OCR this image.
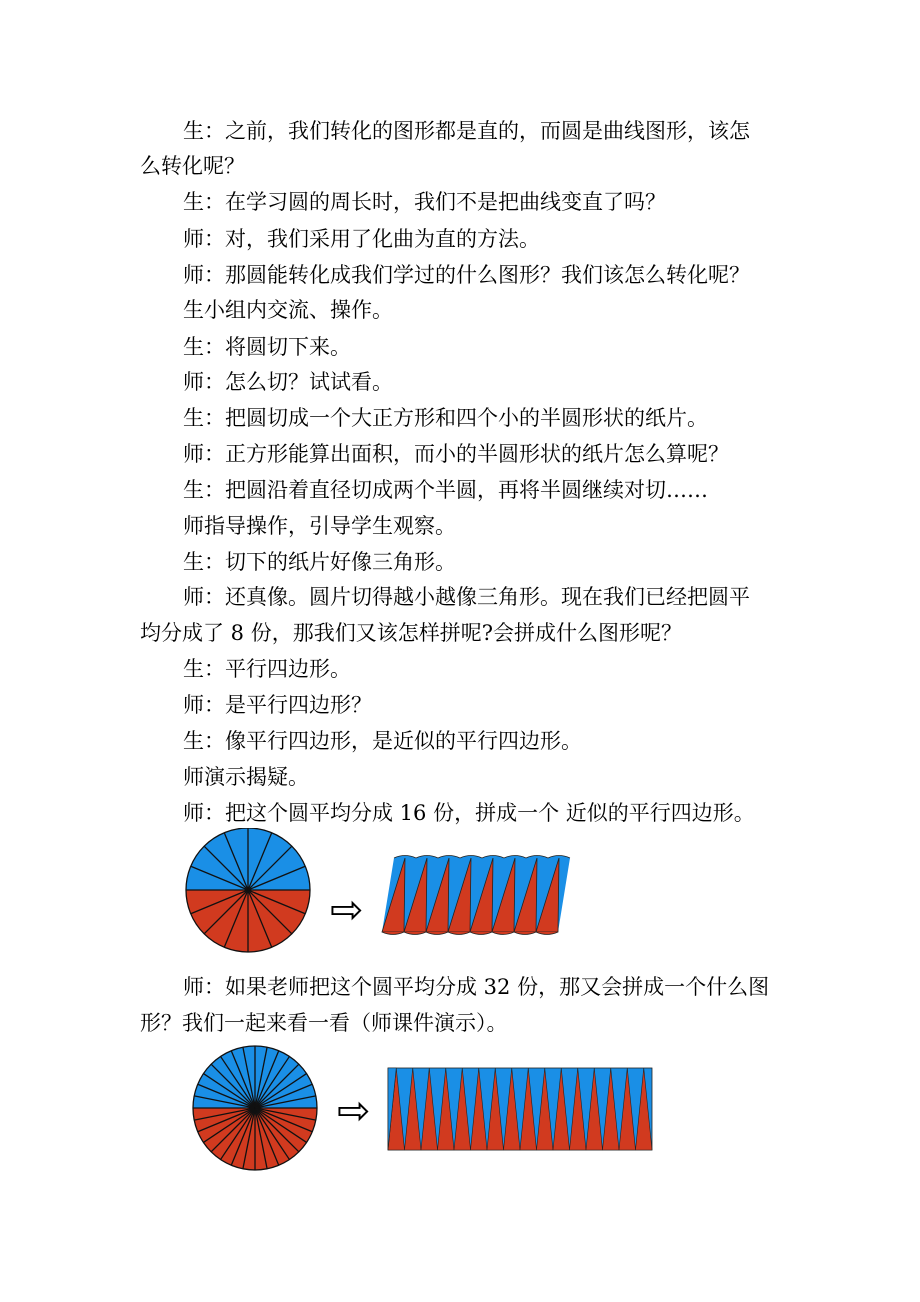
生：之前，我们转化的图形都是直的，而圆是曲线图形，该怎
么转化呢？
生：在学习圆的周长时，我们不是把曲线变直了吗？
师：对，我们采用了化曲为直的方法。
师：那圆能转化成我们学过的什么图形？我们该怎么转化呢？
生小组内交流、操作。
生：将圆切下来。
师：怎么切？试试看。
生：把圆切成一个大正方形和四个小的半圆形状的纸片。
师：正方形能算出面积，而小的半圆形状的纸片怎么算呢？
生：把圆沿着直径切成两个半圆，再将半圆继续对切……
师指导操作，引导学生观察。
生：切下的纸片好像三角形。
师：还真像。圆片切得越小越像三角形。现在我们已经把圆平
均分成了 8 份，那我们又该怎样拼呢?会拼成什么图形呢？
生：平行四边形。
师：是平行四边形？
生：像平行四边形，是近似的平行四边形。
师演示揭疑。
师：把这个圆平均分成 16 份，拼成一个 近似的平行四边形。
⇨
师：如果老师把这个圆平均分成 32 份，那又会拼成一个什么图
形？我们一起来看一看（师课件演示）。
⇨
